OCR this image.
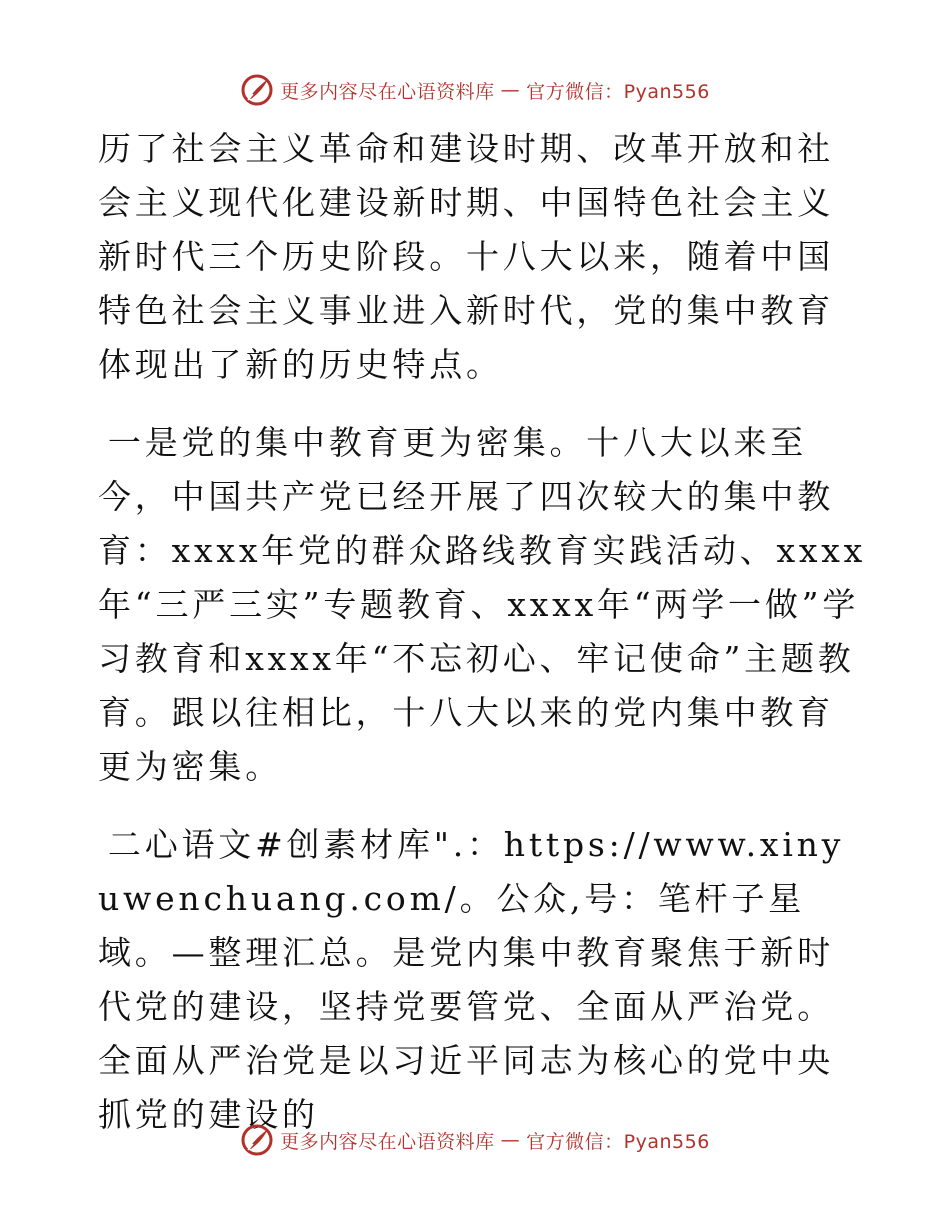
更多内容尽在心语资料库 — 官方微信：Pyan556

历了社会主义革命和建设时期、改革开放和社会主义现代化建设新时期、中国特色社会主义新时代三个历史阶段。十八大以来，随着中国特色社会主义事业进入新时代，党的集中教育体现出了新的历史特点。

一是党的集中教育更为密集。十八大以来至今，中国共产党已经开展了四次较大的集中教育：xxxx年党的群众路线教育实践活动、xxxx年“三严三实”专题教育、xxxx年“两学一做”学习教育和xxxx年“不忘初心、牢记使命”主题教育。跟以往相比，十八大以来的党内集中教育更为密集。

二心语文#创素材库".：https://www.xinyuwenchuang.com/。公众,号：笔杆子星域。—整理汇总。是党内集中教育聚焦于新时代党的建设，坚持党要管党、全面从严治党。全面从严治党是以习近平同志为核心的党中央抓党的建设的

更多内容尽在心语资料库 — 官方微信：Pyan556
